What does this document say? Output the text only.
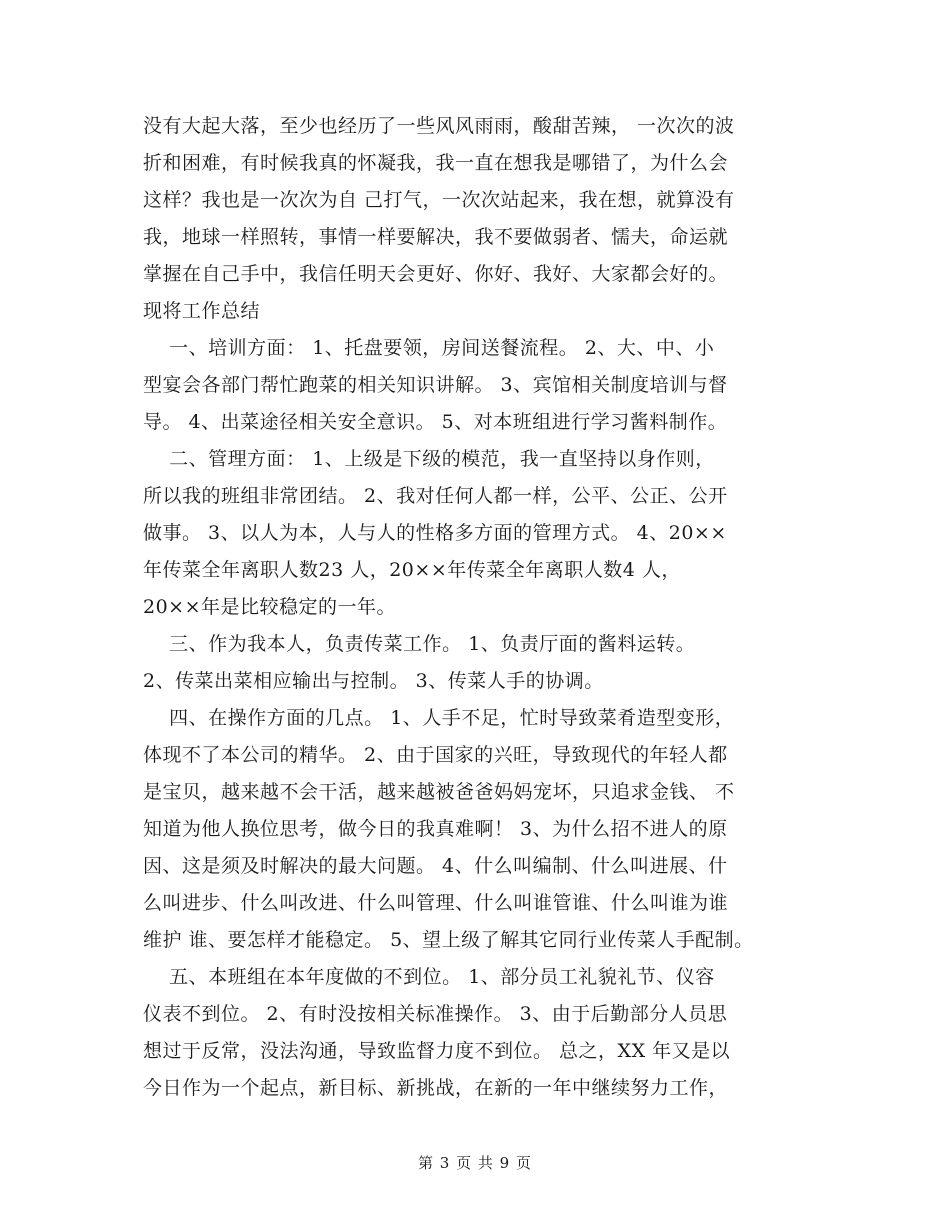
没有大起大落，至少也经历了一些风风雨雨，酸甜苦辣， 一次次的波
折和困难，有时候我真的怀凝我，我一直在想我是哪错了，为什么会
这样？我也是一次次为自 己打气，一次次站起来，我在想，就算没有
我，地球一样照转，事情一样要解决，我不要做弱者、懦夫，命运就
掌握在自己手中，我信任明天会更好、你好、我好、大家都会好的。
现将工作总结
一、培训方面： 1、托盘要领，房间送餐流程。 2、大、中、小
型宴会各部门帮忙跑菜的相关知识讲解。 3、宾馆相关制度培训与督
导。 4、出菜途径相关安全意识。 5、对本班组进行学习酱料制作。
二、管理方面： 1、上级是下级的模范，我一直坚持以身作则，
所以我的班组非常团结。 2、我对任何人都一样，公平、公正、公开
做事。 3、以人为本，人与人的性格多方面的管理方式。 4、20××
年传菜全年离职人数23 人，20××年传菜全年离职人数4 人，
20××年是比较稳定的一年。
三、作为我本人，负责传菜工作。 1、负责厅面的酱料运转。
2、传菜出菜相应输出与控制。 3、传菜人手的协调。
四、在操作方面的几点。 1、人手不足，忙时导致菜肴造型变形，
体现不了本公司的精华。 2、由于国家的兴旺，导致现代的年轻人都
是宝贝，越来越不会干活，越来越被爸爸妈妈宠坏，只追求金钱、 不
知道为他人换位思考，做今日的我真难啊！ 3、为什么招不进人的原
因、这是须及时解决的最大问题。 4、什么叫编制、什么叫进展、什
么叫进步、什么叫改进、什么叫管理、什么叫谁管谁、什么叫谁为谁
维护 谁、要怎样才能稳定。 5、望上级了解其它同行业传菜人手配制。
五、本班组在本年度做的不到位。 1、部分员工礼貌礼节、仪容
仪表不到位。 2、有时没按相关标准操作。 3、由于后勤部分人员思
想过于反常，没法沟通，导致监督力度不到位。 总之，XX 年又是以
今日作为一个起点，新目标、新挑战，在新的一年中继续努力工作，
第 3 页 共 9 页
